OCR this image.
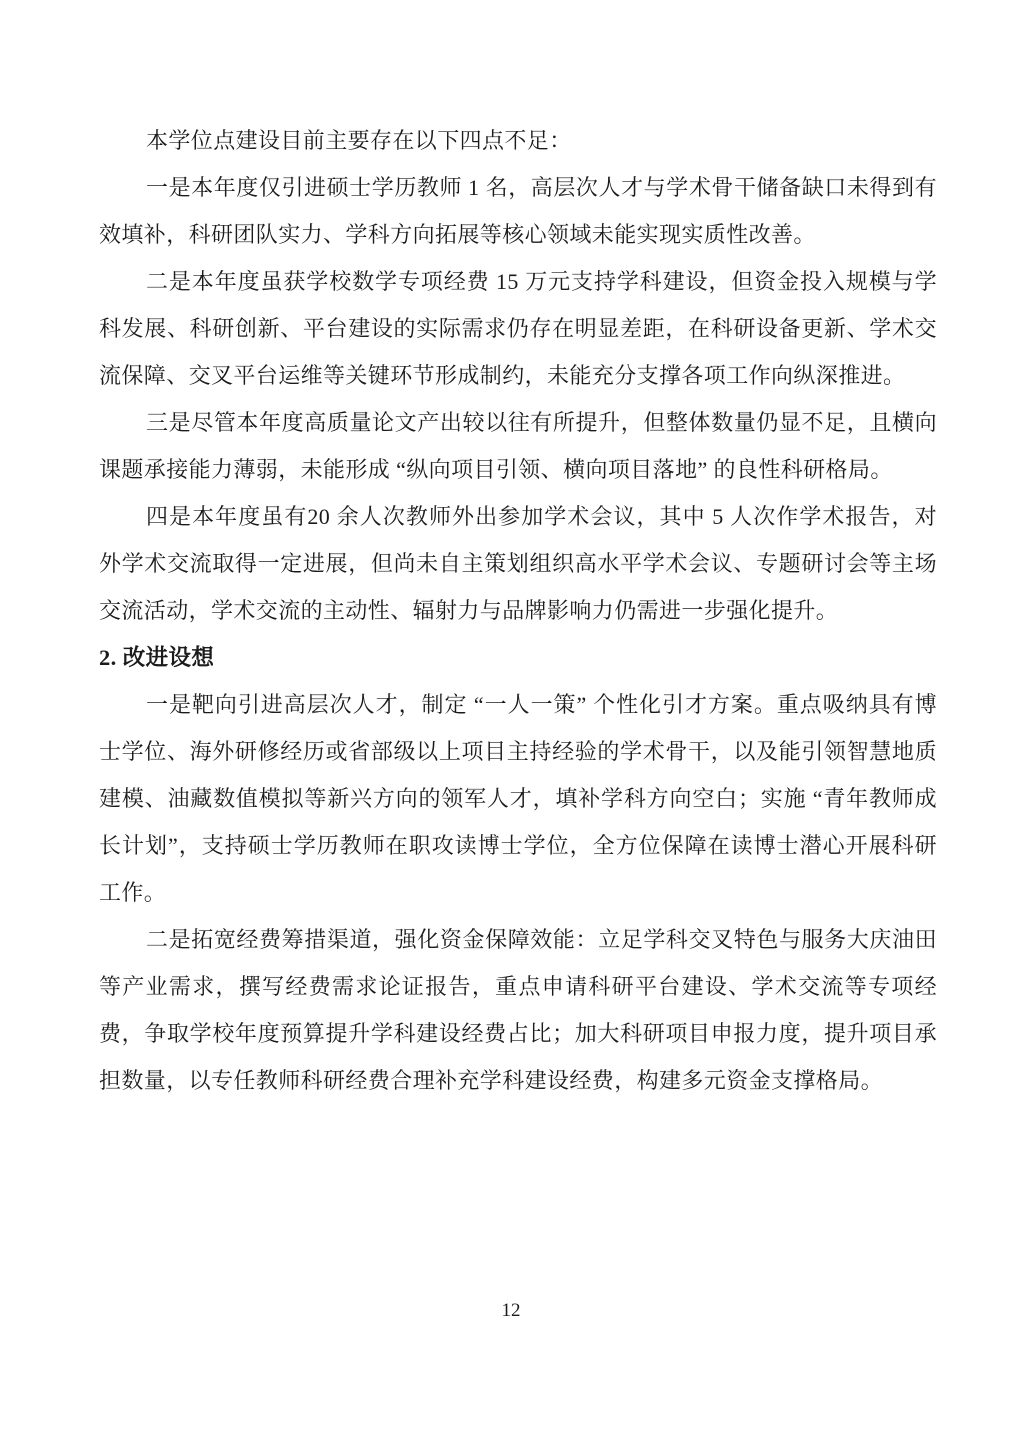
本学位点建设目前主要存在以下四点不足：

一是本年度仅引进硕士学历教师 1 名，高层次人才与学术骨干储备缺口未得到有效填补，科研团队实力、学科方向拓展等核心领域未能实现实质性改善。

二是本年度虽获学校数学专项经费 15 万元支持学科建设，但资金投入规模与学科发展、科研创新、平台建设的实际需求仍存在明显差距，在科研设备更新、学术交流保障、交叉平台运维等关键环节形成制约，未能充分支撑各项工作向纵深推进。

三是尽管本年度高质量论文产出较以往有所提升，但整体数量仍显不足，且横向课题承接能力薄弱，未能形成 “纵向项目引领、横向项目落地” 的良性科研格局。

四是本年度虽有20 余人次教师外出参加学术会议，其中 5 人次作学术报告，对外学术交流取得一定进展，但尚未自主策划组织高水平学术会议、专题研讨会等主场交流活动，学术交流的主动性、辐射力与品牌影响力仍需进一步强化提升。

2. 改进设想

一是靶向引进高层次人才，制定 “一人一策” 个性化引才方案。重点吸纳具有博士学位、海外研修经历或省部级以上项目主持经验的学术骨干，以及能引领智慧地质建模、油藏数值模拟等新兴方向的领军人才，填补学科方向空白；实施 “青年教师成长计划”，支持硕士学历教师在职攻读博士学位，全方位保障在读博士潜心开展科研工作。

二是拓宽经费筹措渠道，强化资金保障效能：立足学科交叉特色与服务大庆油田等产业需求，撰写经费需求论证报告，重点申请科研平台建设、学术交流等专项经费，争取学校年度预算提升学科建设经费占比；加大科研项目申报力度，提升项目承担数量，以专任教师科研经费合理补充学科建设经费，构建多元资金支撑格局。

12
